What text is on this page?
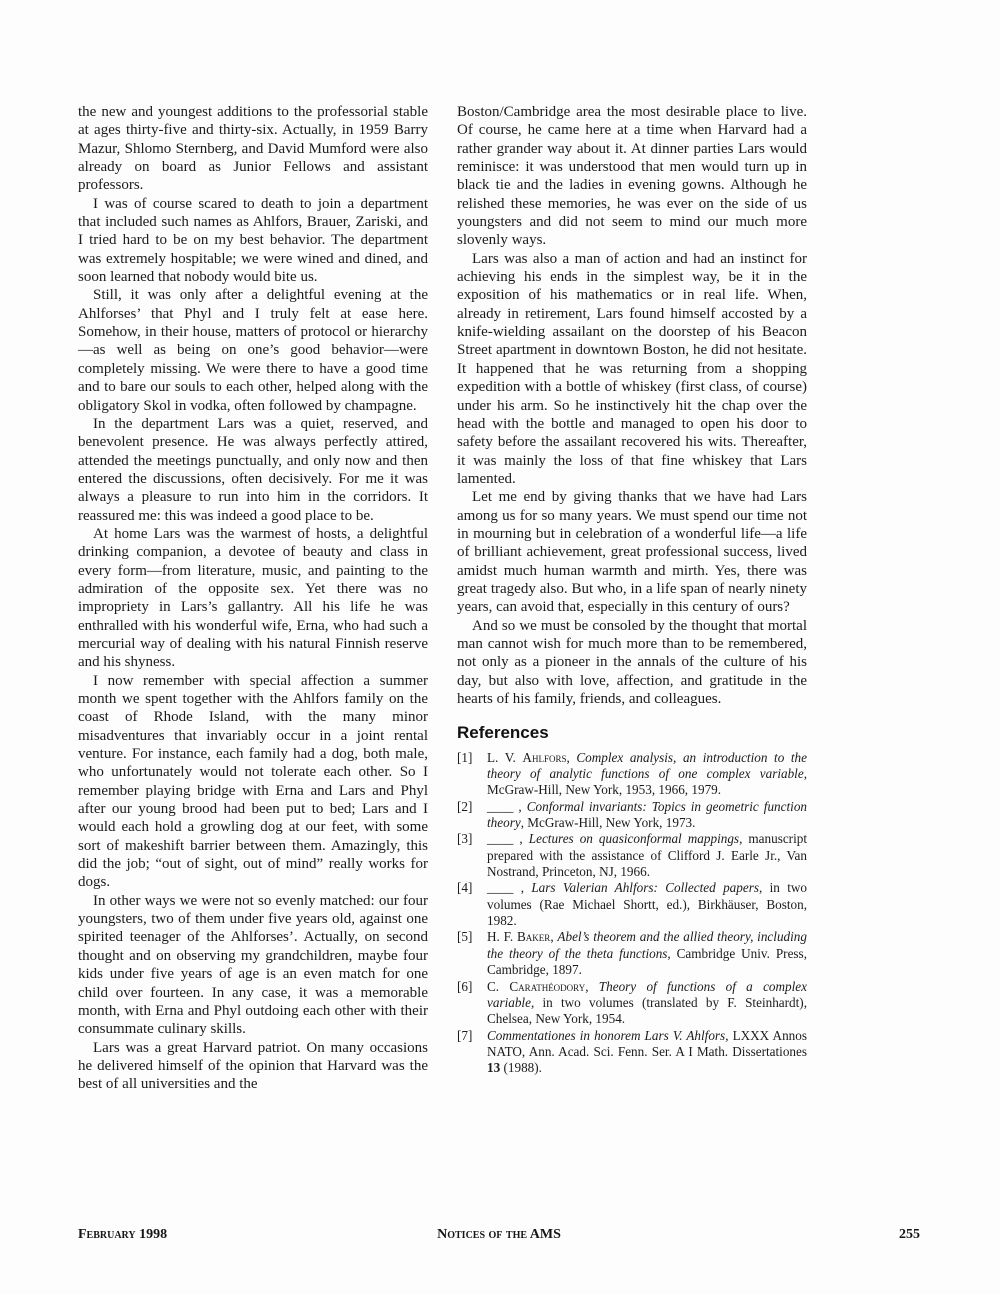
the new and youngest additions to the professorial stable at ages thirty-five and thirty-six. Actually, in 1959 Barry Mazur, Shlomo Sternberg, and David Mumford were also already on board as Junior Fellows and assistant professors.

I was of course scared to death to join a department that included such names as Ahlfors, Brauer, Zariski, and I tried hard to be on my best behavior. The department was extremely hospitable; we were wined and dined, and soon learned that nobody would bite us.

Still, it was only after a delightful evening at the Ahlforses’ that Phyl and I truly felt at ease here. Somehow, in their house, matters of protocol or hierarchy—as well as being on one’s good behavior—were completely missing. We were there to have a good time and to bare our souls to each other, helped along with the obligatory Skol in vodka, often followed by champagne.

In the department Lars was a quiet, reserved, and benevolent presence. He was always perfectly attired, attended the meetings punctually, and only now and then entered the discussions, often decisively. For me it was always a pleasure to run into him in the corridors. It reassured me: this was indeed a good place to be.

At home Lars was the warmest of hosts, a delightful drinking companion, a devotee of beauty and class in every form—from literature, music, and painting to the admiration of the opposite sex. Yet there was no impropriety in Lars’s gallantry. All his life he was enthralled with his wonderful wife, Erna, who had such a mercurial way of dealing with his natural Finnish reserve and his shyness.

I now remember with special affection a summer month we spent together with the Ahlfors family on the coast of Rhode Island, with the many minor misadventures that invariably occur in a joint rental venture. For instance, each family had a dog, both male, who unfortunately would not tolerate each other. So I remember playing bridge with Erna and Lars and Phyl after our young brood had been put to bed; Lars and I would each hold a growling dog at our feet, with some sort of makeshift barrier between them. Amazingly, this did the job; “out of sight, out of mind” really works for dogs.

In other ways we were not so evenly matched: our four youngsters, two of them under five years old, against one spirited teenager of the Ahlforses’. Actually, on second thought and on observing my grandchildren, maybe four kids under five years of age is an even match for one child over fourteen. In any case, it was a memorable month, with Erna and Phyl outdoing each other with their consummate culinary skills.

Lars was a great Harvard patriot. On many occasions he delivered himself of the opinion that Harvard was the best of all universities and the

Boston/Cambridge area the most desirable place to live. Of course, he came here at a time when Harvard had a rather grander way about it. At dinner parties Lars would reminisce: it was understood that men would turn up in black tie and the ladies in evening gowns. Although he relished these memories, he was ever on the side of us youngsters and did not seem to mind our much more slovenly ways.

Lars was also a man of action and had an instinct for achieving his ends in the simplest way, be it in the exposition of his mathematics or in real life. When, already in retirement, Lars found himself accosted by a knife-wielding assailant on the doorstep of his Beacon Street apartment in downtown Boston, he did not hesitate. It happened that he was returning from a shopping expedition with a bottle of whiskey (first class, of course) under his arm. So he instinctively hit the chap over the head with the bottle and managed to open his door to safety before the assailant recovered his wits. Thereafter, it was mainly the loss of that fine whiskey that Lars lamented.

Let me end by giving thanks that we have had Lars among us for so many years. We must spend our time not in mourning but in celebration of a wonderful life—a life of brilliant achievement, great professional success, lived amidst much human warmth and mirth. Yes, there was great tragedy also. But who, in a life span of nearly ninety years, can avoid that, especially in this century of ours?

And so we must be consoled by the thought that mortal man cannot wish for much more than to be remembered, not only as a pioneer in the annals of the culture of his day, but also with love, affection, and gratitude in the hearts of his family, friends, and colleagues.

References
[1] L. V. Ahlfors, Complex analysis, an introduction to the theory of analytic functions of one complex variable, McGraw-Hill, New York, 1953, 1966, 1979.
[2] ____ , Conformal invariants: Topics in geometric function theory, McGraw-Hill, New York, 1973.
[3] ____ , Lectures on quasiconformal mappings, manuscript prepared with the assistance of Clifford J. Earle Jr., Van Nostrand, Princeton, NJ, 1966.
[4] ____ , Lars Valerian Ahlfors: Collected papers, in two volumes (Rae Michael Shortt, ed.), Birkhäuser, Boston, 1982.
[5] H. F. Baker, Abel’s theorem and the allied theory, including the theory of the theta functions, Cambridge Univ. Press, Cambridge, 1897.
[6] C. Carathéodory, Theory of functions of a complex variable, in two volumes (translated by F. Steinhardt), Chelsea, New York, 1954.
[7] Commentationes in honorem Lars V. Ahlfors, LXXX Annos NATO, Ann. Acad. Sci. Fenn. Ser. A I Math. Dissertationes 13 (1988).
February 1998	Notices of the AMS	255
